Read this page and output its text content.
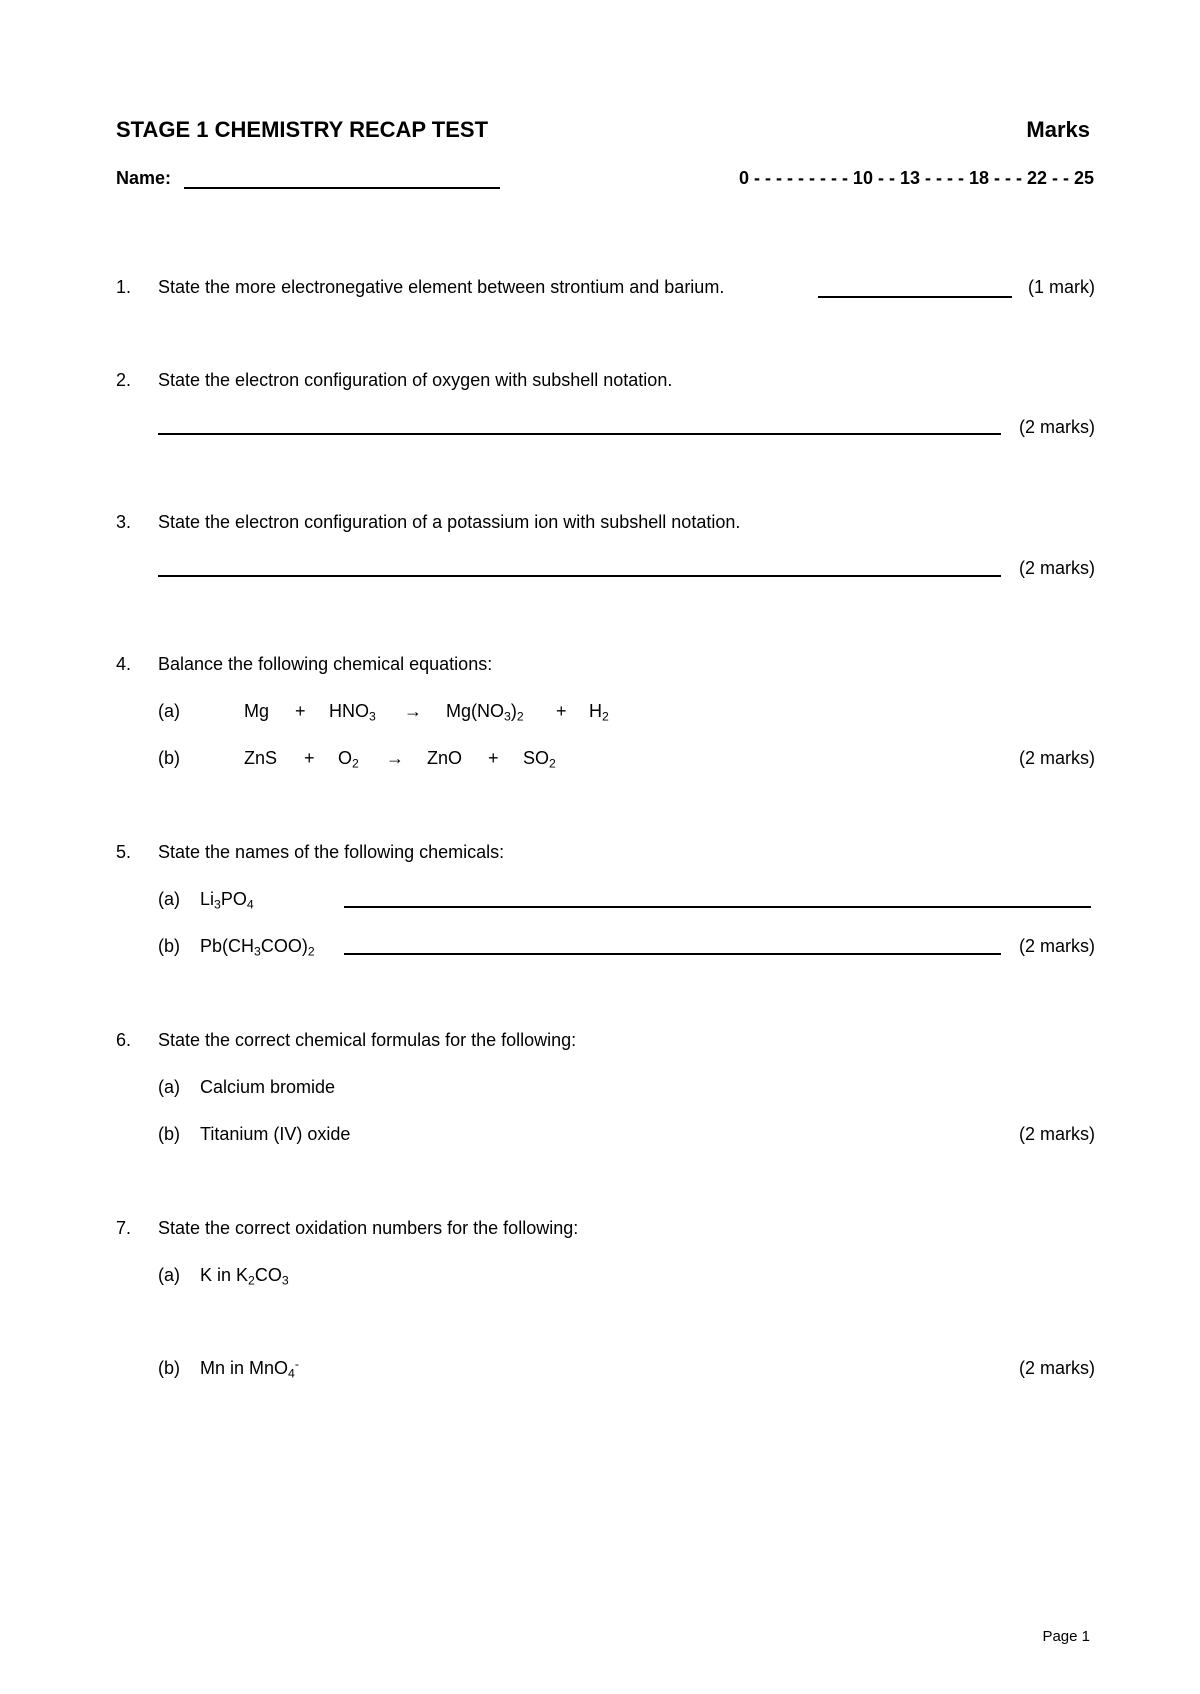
STAGE 1 CHEMISTRY RECAP TEST	Marks
Name:	0 - - - - - - - - - 10 - - 13 - - - - 18 - - - 22 - - 25
1. State the more electronegative element between strontium and barium.	(1 mark)
2. State the electron configuration of oxygen with subshell notation.
(2 marks)
3. State the electron configuration of a potassium ion with subshell notation.
(2 marks)
4. Balance the following chemical equations:
(a)	$Mg + HNO_3 \to Mg(NO_3)_2 + H_2$
(b)	ZnS + $O_2$ → ZnO + $SO_2$	(2 marks)
5. State the names of the following chemicals:
(a) $Li_3PO_4$
(b) $Pb(CH_3COO)_2$	(2 marks)
6. State the correct chemical formulas for the following:
(a) Calcium bromide
(b) Titanium (IV) oxide	(2 marks)
7. State the correct oxidation numbers for the following:
(a) K in $K_2CO_3$
(b) Mn in MnO$_4$-	(2 marks)
Page 1
